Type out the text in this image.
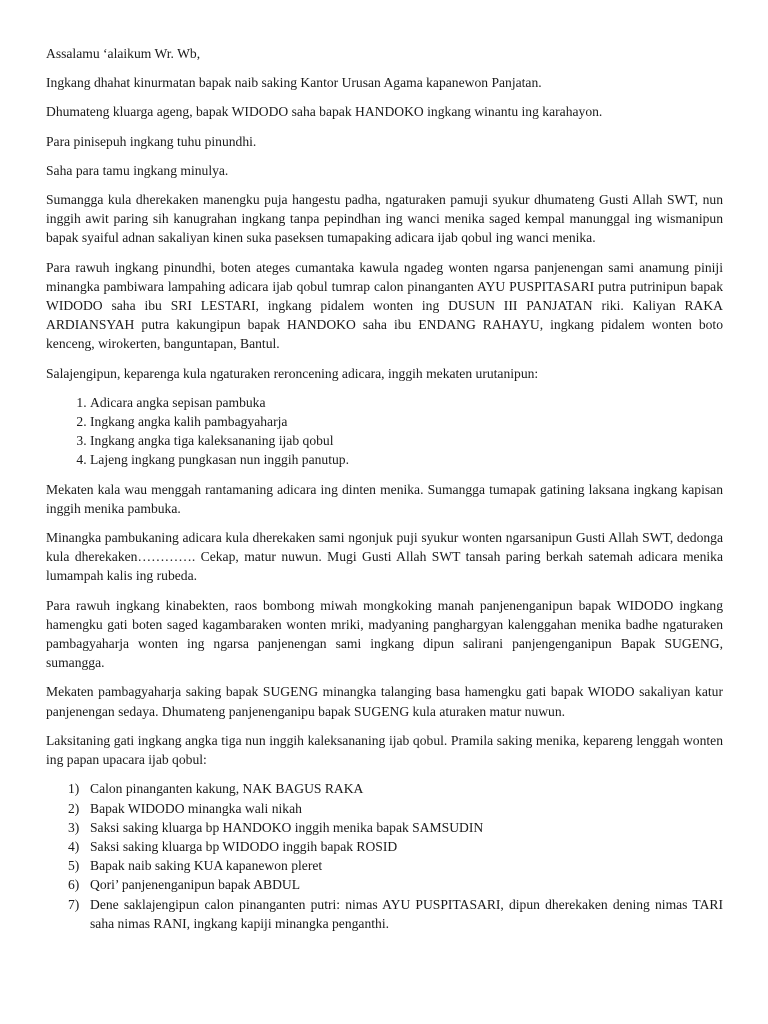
Assalamu ‘alaikum Wr. Wb,

Ingkang dhahat kinurmatan bapak naib saking Kantor Urusan Agama kapanewon Panjatan.

Dhumateng kluarga ageng, bapak WIDODO saha bapak HANDOKO ingkang winantu ing karahayon.

Para pinisepuh ingkang tuhu pinundhi.

Saha para tamu ingkang minulya.

Sumangga kula dherekaken manengku puja hangestu padha, ngaturaken pamuji syukur dhumateng Gusti Allah SWT, nun inggih awit paring sih kanugrahan ingkang tanpa pepindhan ing wanci menika saged kempal manunggal ing wismanipun bapak syaiful adnan sakaliyan kinen suka paseksen tumapaking adicara ijab qobul ing wanci menika.

Para rawuh ingkang pinundhi, boten ateges cumantaka kawula ngadeg wonten ngarsa panjenengan sami anamung piniji minangka pambiwara lampahing adicara ijab qobul tumrap calon pinanganten AYU PUSPITASARI putra putrinipun bapak WIDODO saha ibu SRI LESTARI, ingkang pidalem wonten ing DUSUN III PANJATAN riki. Kaliyan RAKA ARDIANSYAH putra kakungipun bapak HANDOKO saha ibu ENDANG RAHAYU, ingkang pidalem wonten boto kenceng, wirokerten, banguntapan, Bantul.

Salajengipun, keparenga kula ngaturaken reroncening adicara, inggih mekaten urutanipun:

1. Adicara angka sepisan pambuka
2. Ingkang angka kalih pambagyaharja
3. Ingkang angka tiga kaleksananing ijab qobul
4. Lajeng ingkang pungkasan nun inggih panutup.

Mekaten kala wau menggah rantamaning adicara ing dinten menika. Sumangga tumapak gatining laksana ingkang kapisan inggih menika pambuka.

Minangka pambukaning adicara kula dherekaken sami ngonjuk puji syukur wonten ngarsanipun Gusti Allah SWT, dedonga kula dherekaken…………. Cekap, matur nuwun. Mugi Gusti Allah SWT tansah paring berkah satemah adicara menika lumampah kalis ing rubeda.

Para rawuh ingkang kinabekten, raos bombong miwah mongkoking manah panjenenganipun bapak WIDODO ingkang hamengku gati boten saged kagambaraken wonten mriki, madyaning panghargyan kalenggahan menika badhe ngaturaken pambagyaharja wonten ing ngarsa panjenengan sami ingkang dipun salirani panjengenganipun Bapak SUGENG, sumangga.

Mekaten pambagyaharja saking bapak SUGENG minangka talanging basa hamengku gati bapak WIODO sakaliyan katur panjenengan sedaya. Dhumateng panjenenganipu bapak SUGENG kula aturaken matur nuwun.

Laksitaning gati ingkang angka tiga nun inggih kaleksananing ijab qobul. Pramila saking menika, kepareng lenggah wonten ing papan upacara ijab qobul:

1) Calon pinanganten kakung, NAK BAGUS RAKA
2) Bapak WIDODO minangka wali nikah
3) Saksi saking kluarga bp HANDOKO inggih menika bapak SAMSUDIN
4) Saksi saking kluarga bp WIDODO inggih bapak ROSID
5) Bapak naib saking KUA kapanewon pleret
6) Qori’ panjenenganipun bapak ABDUL
7) Dene saklajengipun calon pinanganten putri: nimas AYU PUSPITASARI, dipun dherekaken dening nimas TARI saha nimas RANI, ingkang kapiji minangka penganthi.
